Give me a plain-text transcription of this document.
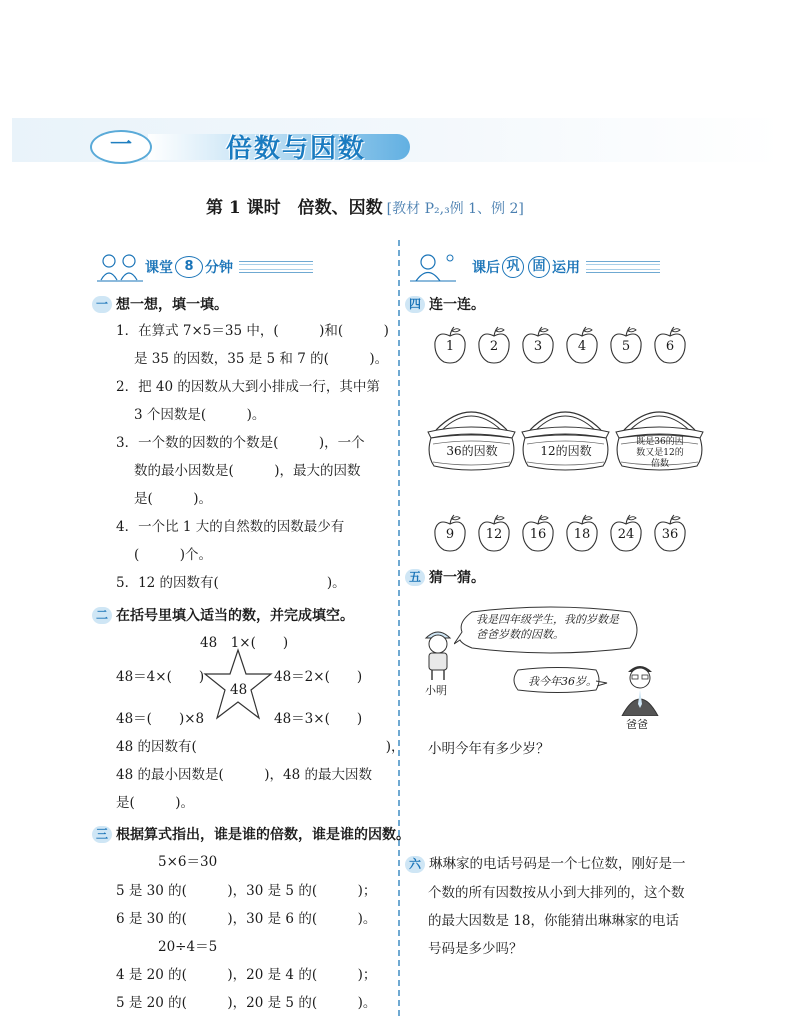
一	倍数与因数
第 1 课时　倍数、因数 [教材 P₂,₃例 1、例 2]
课堂 8 分钟	课后 巩 固 运用
一 想一想，填一填。
1．在算式 7×5＝35 中，(　　　)和(　　　)
是 35 的因数，35 是 5 和 7 的(　　　)。
2．把 40 的因数从大到小排成一行，其中第
3 个因数是(　　　)。
3．一个数的因数的个数是(　　　)，一个
数的最小因数是(　　　)，最大的因数
是(　　　)。
4．一个比 1 大的自然数的因数最少有
(　　　)个。
5．12 的因数有(　　　　　　　　)。
二 在括号里填入适当的数，并完成填空。
48
48　1×(　　)
48＝4×(　　)	48＝2×(　　)
48＝(　　)×8	48＝3×(　　)
48 的因数有(　　　　　　　　　　　　　　)，
48 的最小因数是(　　　)，48 的最大因数
是(　　　)。
三 根据算式指出，谁是谁的倍数，谁是谁的因数。
5×6＝30
5 是 30 的(　　　)，30 是 5 的(　　　)；
6 是 30 的(　　　)，30 是 6 的(　　　)。
20÷4＝5
4 是 20 的(　　　)，20 是 4 的(　　　)；
5 是 20 的(　　　)，20 是 5 的(　　　)。
四 连一连。
1	2	3	4	5	6
36的因数	12的因数
既是36的因数又是12的倍数
9	12	16	18	24	36
五 猜一猜。
小明
我是四年级学生，我的岁数是爸爸岁数的因数。
我今年36岁。
爸爸
小明今年有多少岁？
六 琳琳家的电话号码是一个七位数，刚好是一
个数的所有因数按从小到大排列的，这个数
的最大因数是 18，你能猜出琳琳家的电话
号码是多少吗？
